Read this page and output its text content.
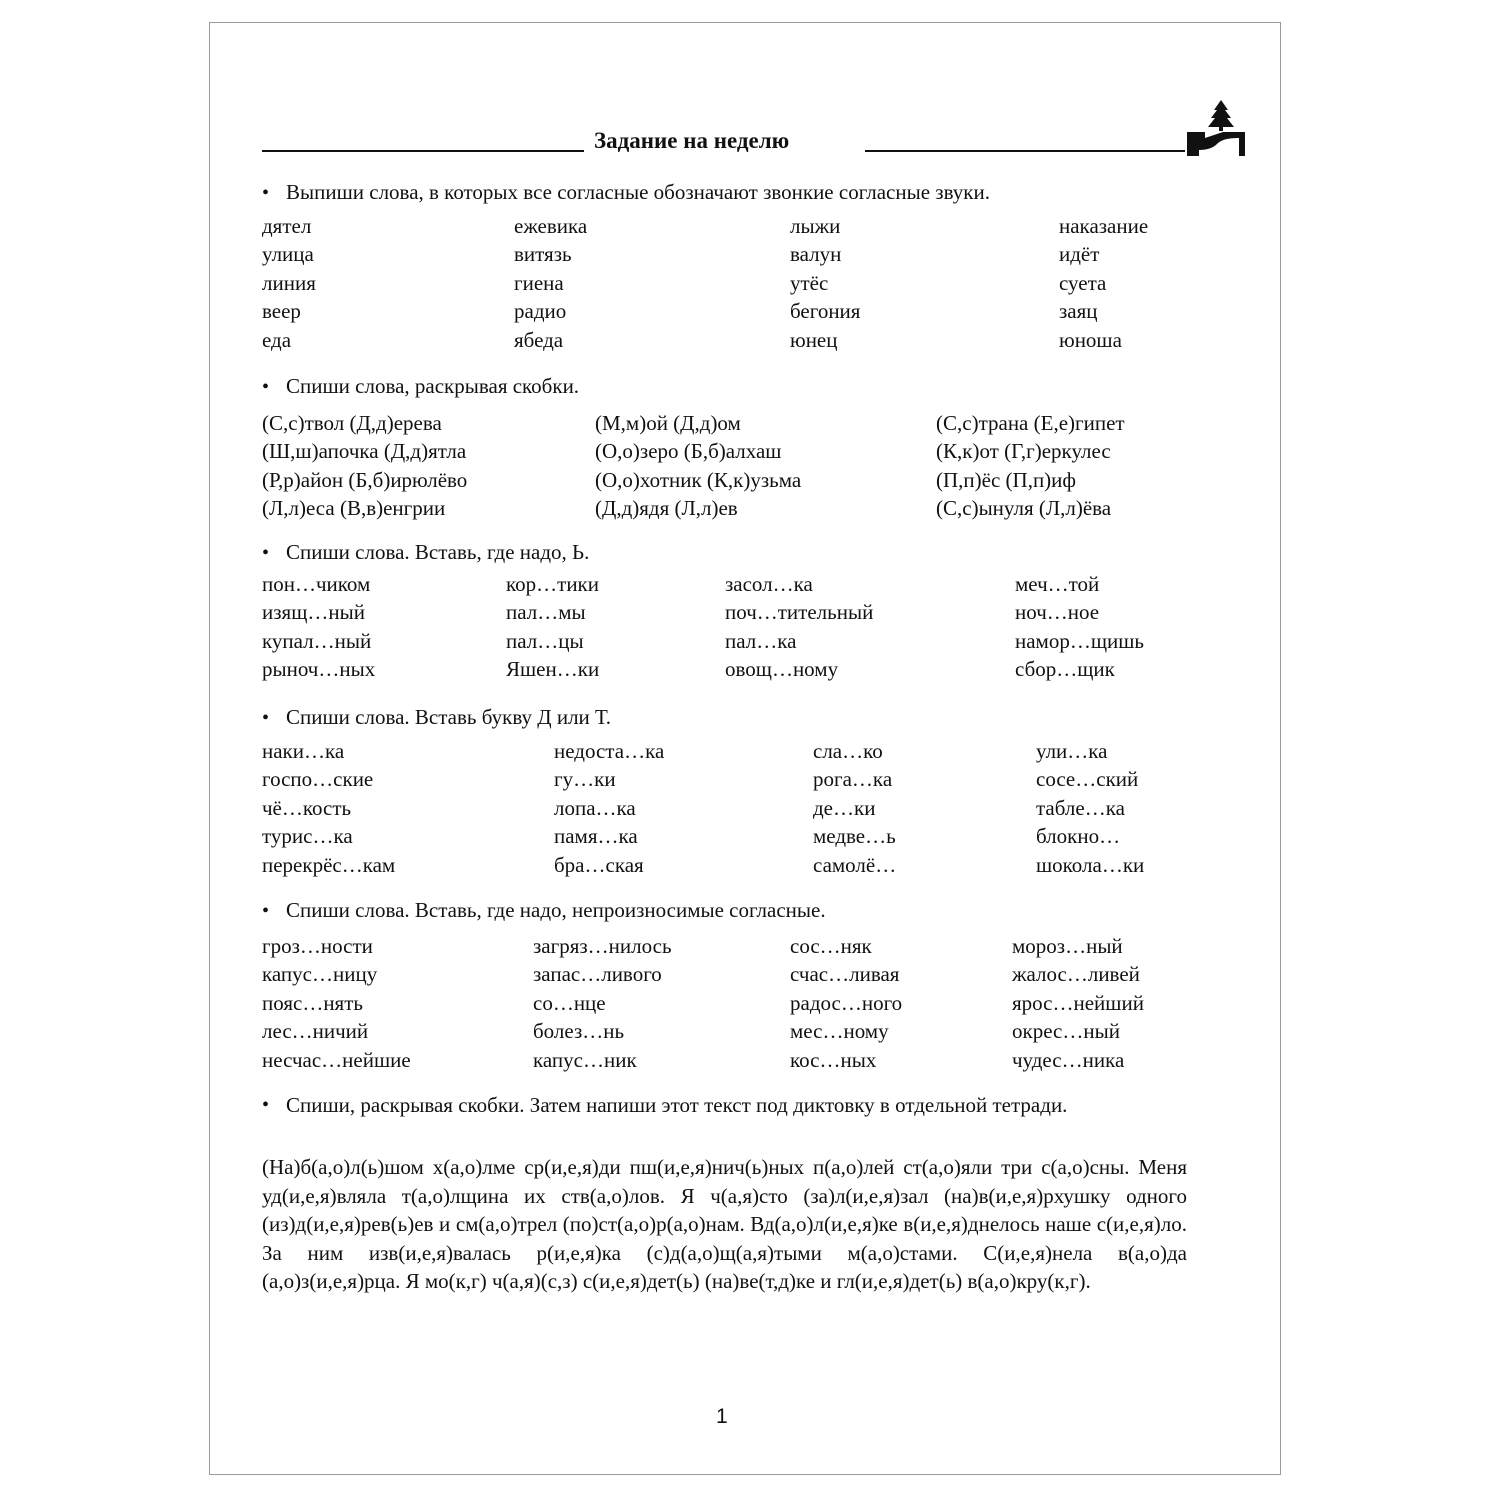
Задание на неделю
• Выпиши слова, в которых все согласные обозначают звонкие согласные звуки.
дятел
улица
линия
веер
еда
ежевика
витязь
гиена
радио
ябеда
лыжи
валун
утёс
бегония
юнец
наказание
идёт
суета
заяц
юноша
• Спиши слова, раскрывая скобки.
(С,с)твол (Д,д)ерева
(Ш,ш)апочка (Д,д)ятла
(Р,р)айон (Б,б)ирюлёво
(Л,л)еса (В,в)енгрии
(М,м)ой (Д,д)ом
(О,о)зеро (Б,б)алхаш
(О,о)хотник (К,к)узьма
(Д,д)ядя (Л,л)ев
(С,с)трана (Е,е)гипет
(К,к)от (Г,г)еркулес
(П,п)ёс (П,п)иф
(С,с)ынуля (Л,л)ёва
• Спиши слова. Вставь, где надо, Ь.
пон…чиком
изящ…ный
купал…ный
рыноч…ных
кор…тики
пал…мы
пал…цы
Яшен…ки
засол…ка
поч…тительный
пал…ка
овощ…ному
меч…той
ноч…ное
намор…щишь
сбор…щик
• Спиши слова. Вставь букву Д или Т.
наки…ка
госпо…ские
чё…кость
турис…ка
перекрёс…кам
недоста…ка
гу…ки
лопа…ка
памя…ка
бра…ская
сла…ко
рога…ка
де…ки
медве…ь
самолё…
ули…ка
сосе…ский
табле…ка
блокно…
шокола…ки
• Спиши слова. Вставь, где надо, непроизносимые согласные.
гроз…ности
капус…ницу
пояс…нять
лес…ничий
несчас…нейшие
загряз…нилось
запас…ливого
со…нце
болез…нь
капус…ник
сос…няк
счас…ливая
радос…ного
мес…ному
кос…ных
мороз…ный
жалос…ливей
ярос…нейший
окрес…ный
чудес…ника
• Спиши, раскрывая скобки. Затем напиши этот текст под диктовку в отдельной тетради.
(На)б(а,о)л(ь)шом х(а,о)лме ср(и,е,я)ди пш(и,е,я)нич(ь)ных п(а,о)лей ст(а,о)яли три с(а,о)сны. Меня уд(и,е,я)вляла т(а,о)лщина их ств(а,о)лов. Я ч(а,я)сто (за)л(и,е,я)зал (на)в(и,е,я)рхушку одного (из)д(и,е,я)рев(ь)ев и см(а,о)трел (по)ст(а,о)р(а,о)нам. Вд(а,о)л(и,е,я)ке в(и,е,я)днелось наше с(и,е,я)ло. За ним изв(и,е,я)валась р(и,е,я)ка (с)д(а,о)щ(а,я)тыми м(а,о)стами. С(и,е,я)нела в(а,о)да (а,о)з(и,е,я)рца. Я мо(к,г) ч(а,я)(с,з) с(и,е,я)дет(ь) (на)ве(т,д)ке и гл(и,е,я)дет(ь) в(а,о)кру(к,г).
1
